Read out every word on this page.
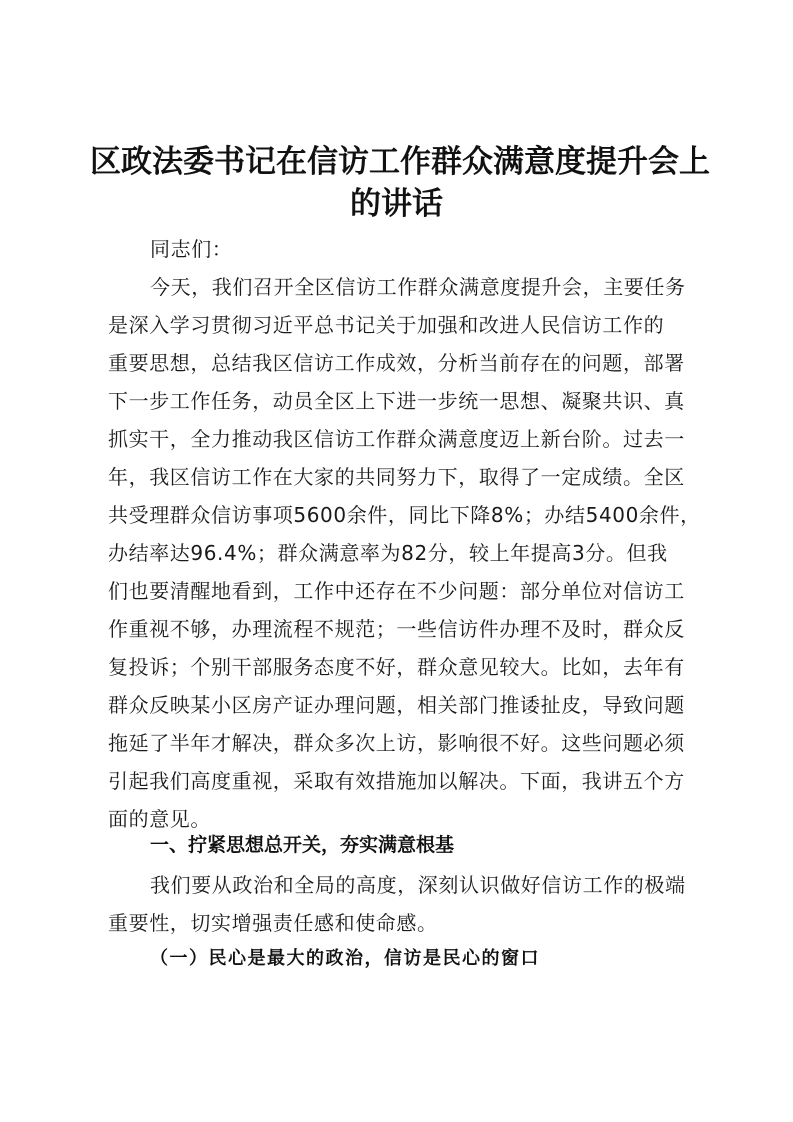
区政法委书记在信访工作群众满意度提升会上
的讲话

同志们：

今天，我们召开全区信访工作群众满意度提升会，主要任务

是深入学习贯彻习近平总书记关于加强和改进人民信访工作的

重要思想，总结我区信访工作成效，分析当前存在的问题，部署

下一步工作任务，动员全区上下进一步统一思想、凝聚共识、真

抓实干，全力推动我区信访工作群众满意度迈上新台阶。过去一

年，我区信访工作在大家的共同努力下，取得了一定成绩。全区

共受理群众信访事项5600余件，同比下降8%；办结5400余件，

办结率达96.4%；群众满意率为82分，较上年提高3分。但我

们也要清醒地看到，工作中还存在不少问题：部分单位对信访工

作重视不够，办理流程不规范；一些信访件办理不及时，群众反

复投诉；个别干部服务态度不好，群众意见较大。比如，去年有

群众反映某小区房产证办理问题，相关部门推诿扯皮，导致问题

拖延了半年才解决，群众多次上访，影响很不好。这些问题必须

引起我们高度重视，采取有效措施加以解决。下面，我讲五个方

面的意见。

一、拧紧思想总开关，夯实满意根基

我们要从政治和全局的高度，深刻认识做好信访工作的极端

重要性，切实增强责任感和使命感。

（一）民心是最大的政治，信访是民心的窗口
